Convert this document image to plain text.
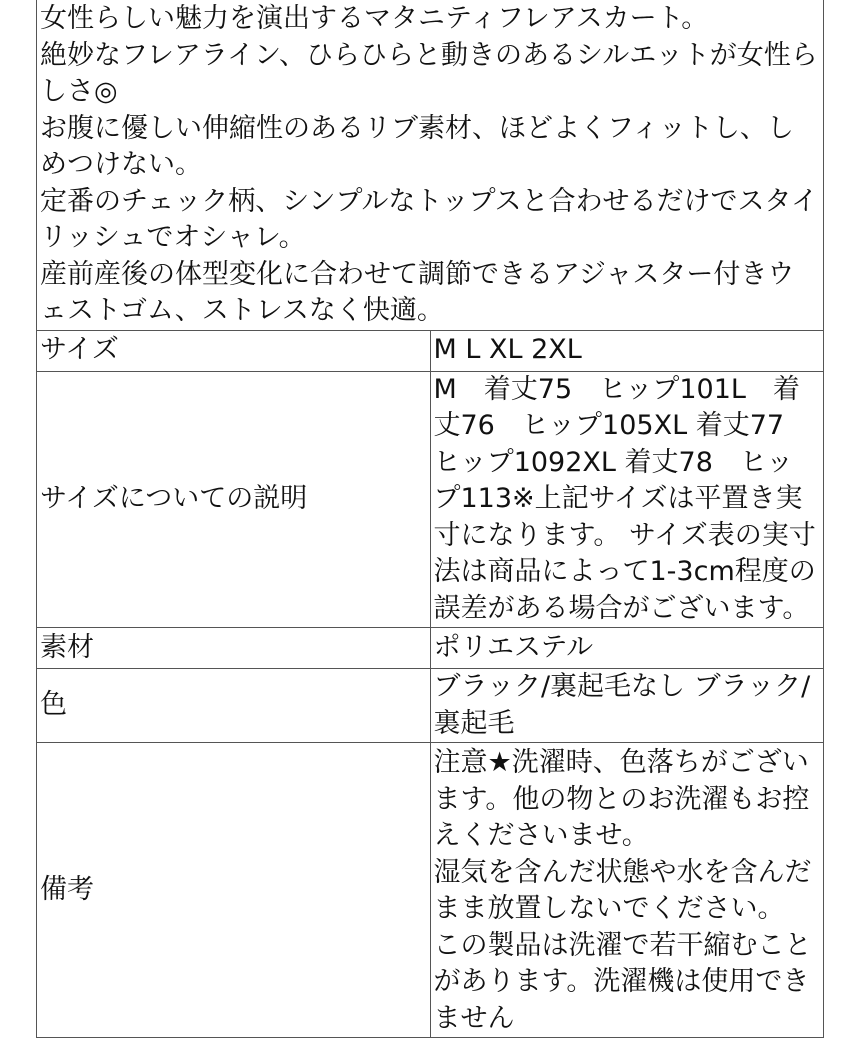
女性らしい魅力を演出するマタニティフレアスカート。
絶妙なフレアライン、ひらひらと動きのあるシルエットが女性らしさ◎
お腹に優しい伸縮性のあるリブ素材、ほどよくフィットし、しめつけない。
定番のチェック柄、シンプルなトップスと合わせるだけでスタイリッシュでオシャレ。
産前産後の体型変化に合わせて調節できるアジャスター付きウェストゴム、ストレスなく快適。	

サイズ	M L XL 2XL
サイズについての説明	M　着丈75　ヒップ101L　着丈76　ヒップ105XL 着丈77　ヒップ1092XL 着丈78　ヒップ113※上記サイズは平置き実寸になります。 サイズ表の実寸法は商品によって1-3cm程度の誤差がある場合がございます。
素材	ポリエステル
色	ブラック/裏起毛なし ブラック/裏起毛
備考	注意★洗濯時、色落ちがございます。他の物とのお洗濯もお控えくださいませ。
湿気を含んだ状態や水を含んだまま放置しないでください。
この製品は洗濯で若干縮むことがあります。洗濯機は使用できません
